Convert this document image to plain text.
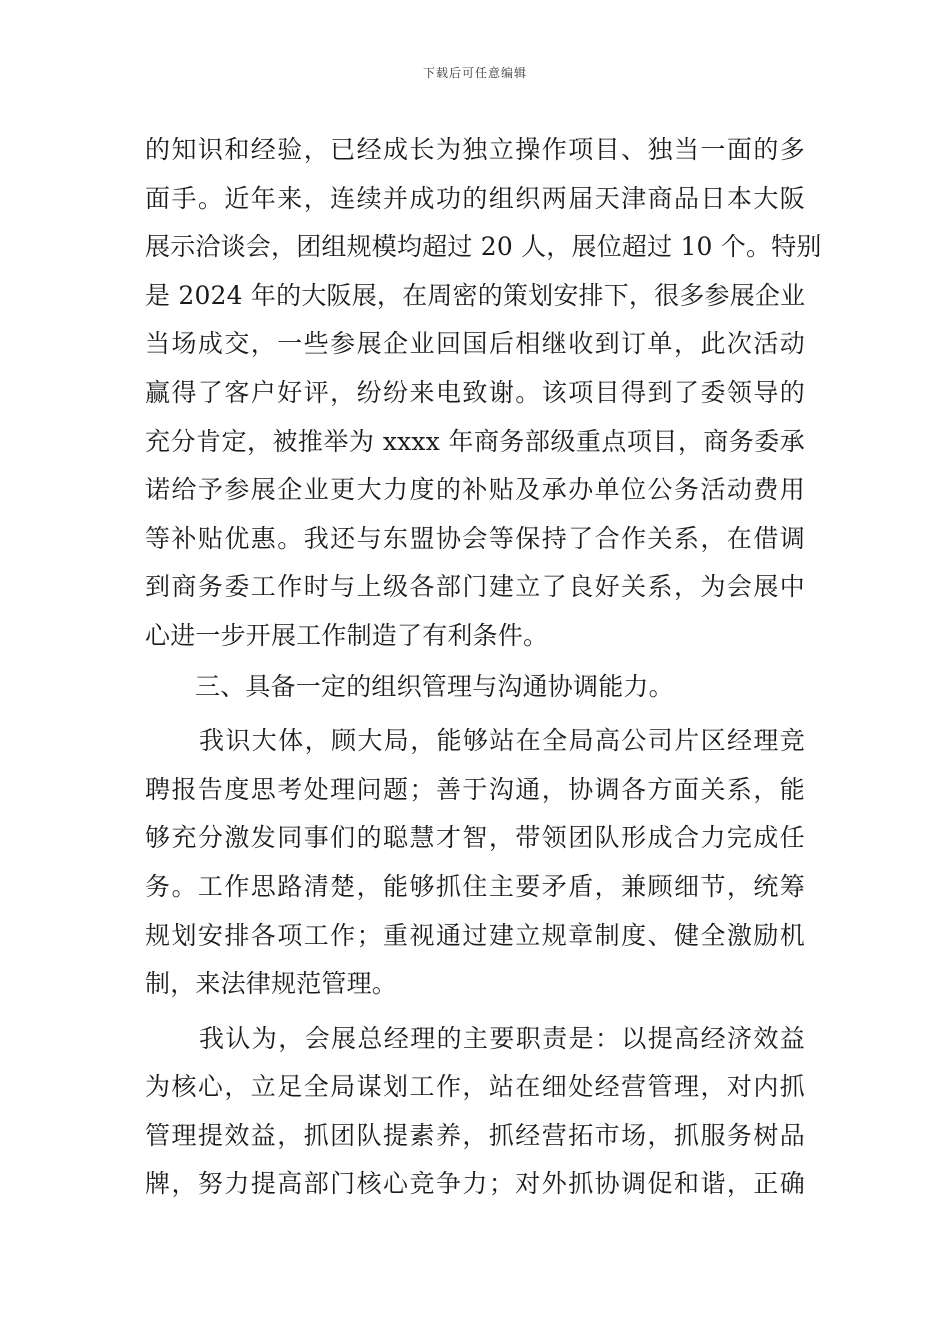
下载后可任意编辑
的知识和经验，已经成长为独立操作项目、独当一面的多
面手。近年来，连续并成功的组织两届天津商品日本大阪
展示洽谈会，团组规模均超过 20 人，展位超过 10 个。特别
是 2024 年的大阪展，在周密的策划安排下，很多参展企业
当场成交，一些参展企业回国后相继收到订单，此次活动
赢得了客户好评，纷纷来电致谢。该项目得到了委领导的
充分肯定，被推举为 xxxx 年商务部级重点项目，商务委承
诺给予参展企业更大力度的补贴及承办单位公务活动费用
等补贴优惠。我还与东盟协会等保持了合作关系，在借调
到商务委工作时与上级各部门建立了良好关系，为会展中
心进一步开展工作制造了有利条件。
三、具备一定的组织管理与沟通协调能力。
我识大体，顾大局，能够站在全局高公司片区经理竞
聘报告度思考处理问题；善于沟通，协调各方面关系，能
够充分激发同事们的聪慧才智，带领团队形成合力完成任
务。工作思路清楚，能够抓住主要矛盾，兼顾细节，统筹
规划安排各项工作；重视通过建立规章制度、健全激励机
制，来法律规范管理。
我认为，会展总经理的主要职责是：以提高经济效益
为核心，立足全局谋划工作，站在细处经营管理，对内抓
管理提效益，抓团队提素养，抓经营拓市场，抓服务树品
牌，努力提高部门核心竞争力；对外抓协调促和谐，正确
